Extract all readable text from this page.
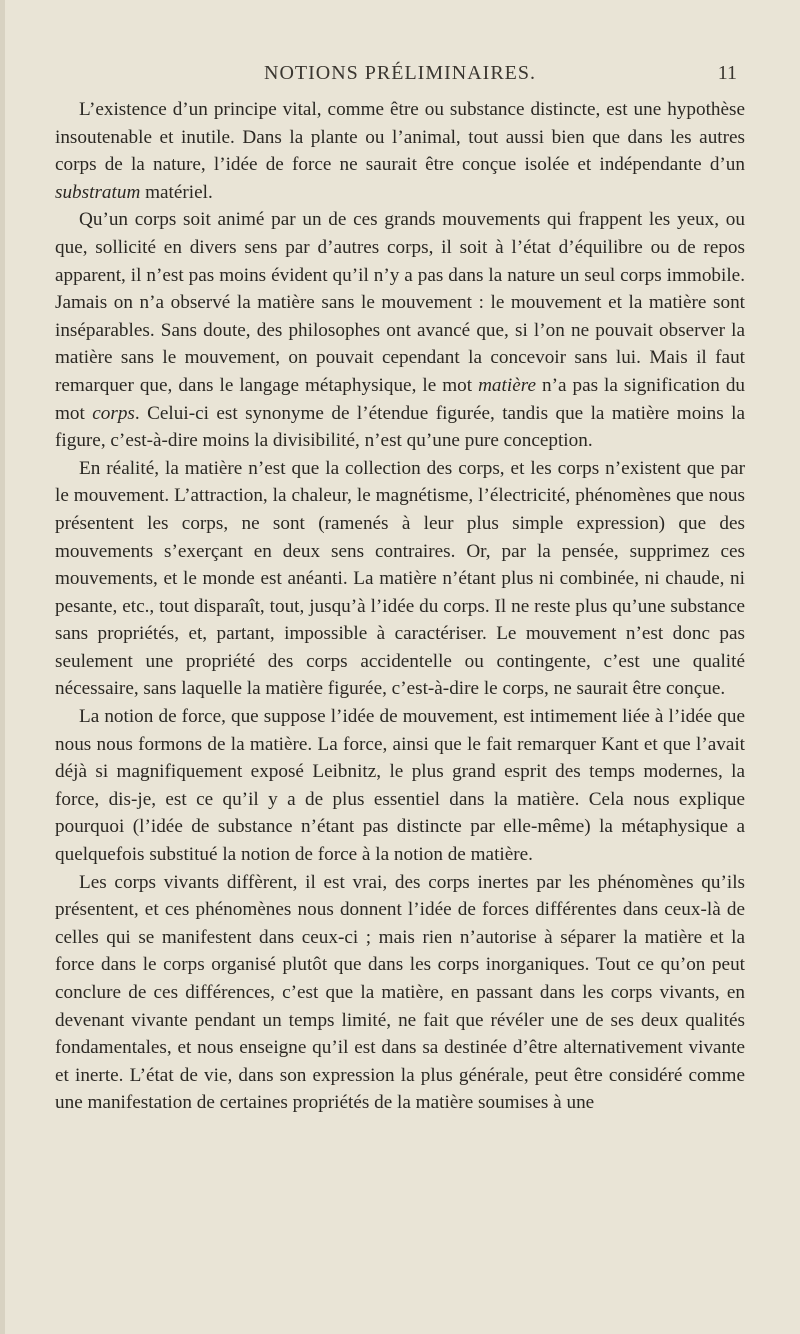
NOTIONS PRÉLIMINAIRES.	11

L’existence d’un principe vital, comme être ou substance distincte, est une hypothèse insoutenable et inutile. Dans la plante ou l’animal, tout aussi bien que dans les autres corps de la nature, l’idée de force ne saurait être conçue isolée et indépendante d’un substratum matériel.

Qu’un corps soit animé par un de ces grands mouvements qui frappent les yeux, ou que, sollicité en divers sens par d’autres corps, il soit à l’état d’équilibre ou de repos apparent, il n’est pas moins évident qu’il n’y a pas dans la nature un seul corps immobile. Jamais on n’a observé la matière sans le mouvement : le mouvement et la matière sont inséparables. Sans doute, des philosophes ont avancé que, si l’on ne pouvait observer la matière sans le mouvement, on pouvait cependant la concevoir sans lui. Mais il faut remarquer que, dans le langage métaphysique, le mot matière n’a pas la signification du mot corps. Celui-ci est synonyme de l’étendue figurée, tandis que la matière moins la figure, c’est-à-dire moins la divisibilité, n’est qu’une pure conception.

En réalité, la matière n’est que la collection des corps, et les corps n’existent que par le mouvement. L’attraction, la chaleur, le magnétisme, l’électricité, phénomènes que nous présentent les corps, ne sont (ramenés à leur plus simple expression) que des mouvements s’exerçant en deux sens contraires. Or, par la pensée, supprimez ces mouvements, et le monde est anéanti. La matière n’étant plus ni combinée, ni chaude, ni pesante, etc., tout disparaît, tout, jusqu’à l’idée du corps. Il ne reste plus qu’une substance sans propriétés, et, partant, impossible à caractériser. Le mouvement n’est donc pas seulement une propriété des corps accidentelle ou contingente, c’est une qualité nécessaire, sans laquelle la matière figurée, c’est-à-dire le corps, ne saurait être conçue.

La notion de force, que suppose l’idée de mouvement, est intimement liée à l’idée que nous nous formons de la matière. La force, ainsi que le fait remarquer Kant et que l’avait déjà si magnifiquement exposé Leibnitz, le plus grand esprit des temps modernes, la force, dis-je, est ce qu’il y a de plus essentiel dans la matière. Cela nous explique pourquoi (l’idée de substance n’étant pas distincte par elle-même) la métaphysique a quelquefois substitué la notion de force à la notion de matière.

Les corps vivants diffèrent, il est vrai, des corps inertes par les phénomènes qu’ils présentent, et ces phénomènes nous donnent l’idée de forces différentes dans ceux-là de celles qui se manifestent dans ceux-ci ; mais rien n’autorise à séparer la matière et la force dans le corps organisé plutôt que dans les corps inorganiques. Tout ce qu’on peut conclure de ces différences, c’est que la matière, en passant dans les corps vivants, en devenant vivante pendant un temps limité, ne fait que révéler une de ses deux qualités fondamentales, et nous enseigne qu’il est dans sa destinée d’être alternativement vivante et inerte. L’état de vie, dans son expression la plus générale, peut être considéré comme une manifestation de certaines propriétés de la matière soumises à une
